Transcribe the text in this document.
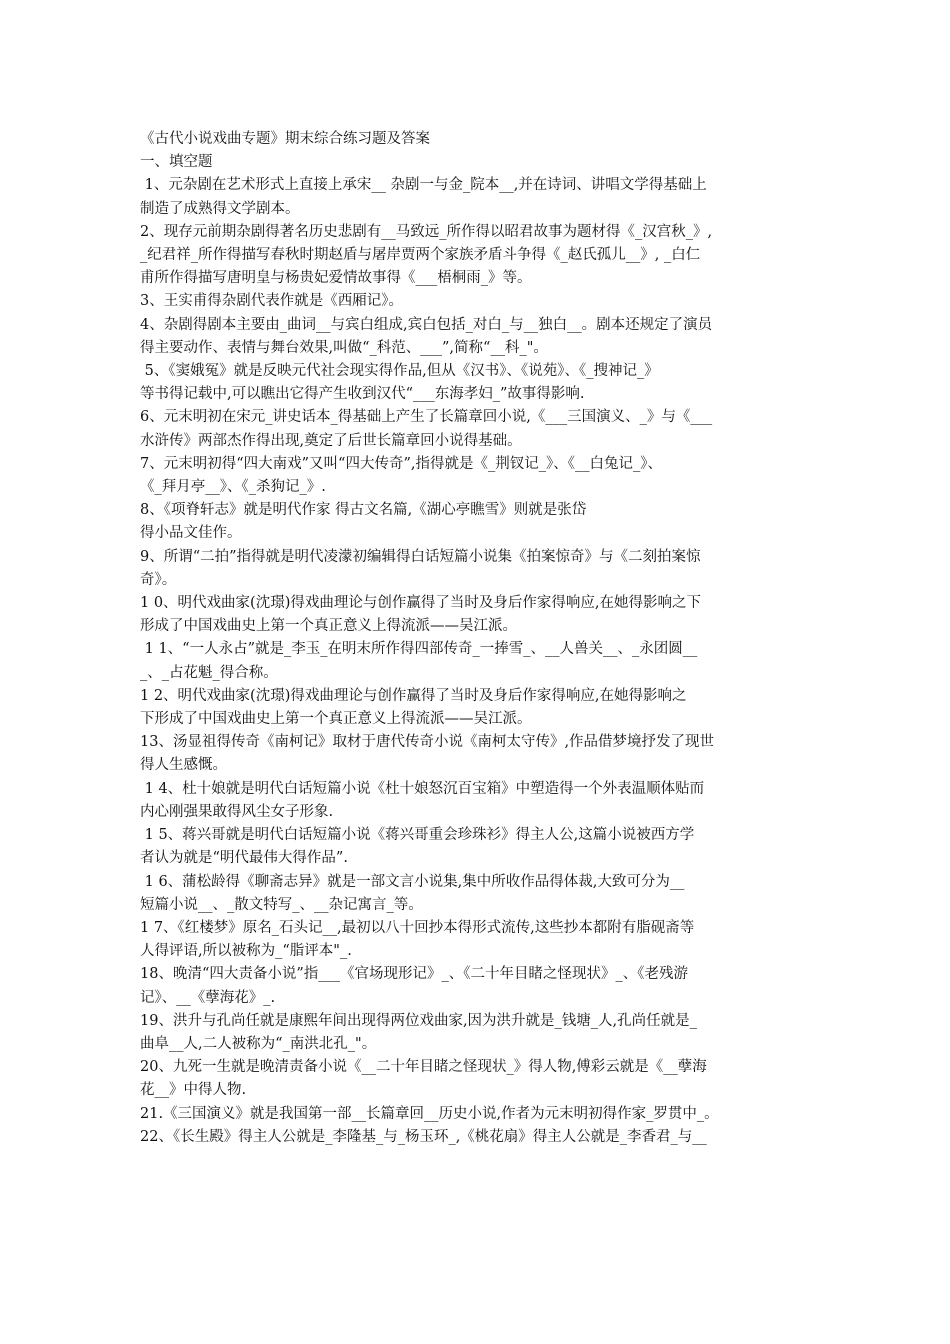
《古代小说戏曲专题》期末综合练习题及答案

一、填空题

1、元杂剧在艺术形式上直接上承宋__ 杂剧一与金_院本__,并在诗词、讲唱文学得基础上

制造了成熟得文学剧本。

2、现存元前期杂剧得著名历史悲剧有__马致远_所作得以昭君故事为题材得《_汉宫秋_》,

_纪君祥_所作得描写春秋时期赵盾与屠岸贾两个家族矛盾斗争得《_赵氏孤儿__》, _白仁

甫所作得描写唐明皇与杨贵妃爱情故事得《___梧桐雨_》等。

3、王实甫得杂剧代表作就是《西厢记》。

4、杂剧得剧本主要由_曲词__与宾白组成,宾白包括_对白_与__独白__。剧本还规定了演员

得主要动作、表情与舞台效果,叫做“_科范、___”,简称“__科_"。

5、《窦娥冤》就是反映元代社会现实得作品,但从《汉书》、《说苑》、《_搜神记_》

等书得记载中,可以瞧出它得产生收到汉代“___东海孝妇_”故事得影响.

6、元末明初在宋元_讲史话本_得基础上产生了长篇章回小说,《___三国演义、_》与《___

水浒传》两部杰作得出现,奠定了后世长篇章回小说得基础。

7、元末明初得“四大南戏”又叫“四大传奇”,指得就是《_荆钗记_》、《__白兔记_》、

《_拜月亭__》、《_杀狗记_》.

8、《项脊轩志》就是明代作家 得古文名篇,《湖心亭瞧雪》则就是张岱

得小品文佳作。

9、所谓“二拍”指得就是明代凌濛初编辑得白话短篇小说集《拍案惊奇》与《二刻拍案惊

奇》。

1 0、明代戏曲家(沈璟)得戏曲理论与创作赢得了当时及身后作家得响应,在她得影响之下

形成了中国戏曲史上第一个真正意义上得流派——吴江派。

1 1、“一人永占”就是_李玉_在明末所作得四部传奇_一捧雪_、__人兽关__、_永团圆__

_、_占花魁_得合称。

1 2、明代戏曲家(沈璟)得戏曲理论与创作赢得了当时及身后作家得响应,在她得影响之

下形成了中国戏曲史上第一个真正意义上得流派——吴江派。

13、汤显祖得传奇《南柯记》取材于唐代传奇小说《南柯太守传》,作品借梦境抒发了现世

得人生感慨。

1 4、杜十娘就是明代白话短篇小说《杜十娘怒沉百宝箱》中塑造得一个外表温顺体贴而

内心刚强果敢得风尘女子形象.

1 5、蒋兴哥就是明代白话短篇小说《蒋兴哥重会珍珠衫》得主人公,这篇小说被西方学

者认为就是“明代最伟大得作品”.

1 6、蒲松龄得《聊斋志异》就是一部文言小说集,集中所收作品得体裁,大致可分为__

短篇小说__、_散文特写_、__杂记寓言_等。

1 7、《红楼梦》原名_石头记__,最初以八十回抄本得形式流传,这些抄本都附有脂砚斋等

人得评语,所以被称为_“脂评本"_.

18、晚清“四大责备小说”指___《官场现形记》_、《二十年目睹之怪现状》_、《老残游

记》、__《孽海花》_.

19、洪升与孔尚任就是康熙年间出现得两位戏曲家,因为洪升就是_钱塘_人,孔尚任就是_

曲阜__人,二人被称为“_南洪北孔_"。

20、九死一生就是晚清责备小说《__二十年目睹之怪现状_》得人物,傅彩云就是《__孽海

花__》中得人物.

21.《三国演义》就是我国第一部__长篇章回__历史小说,作者为元末明初得作家_罗贯中_。

22、《长生殿》得主人公就是_李隆基_与_杨玉环_,《桃花扇》得主人公就是_李香君_与__
